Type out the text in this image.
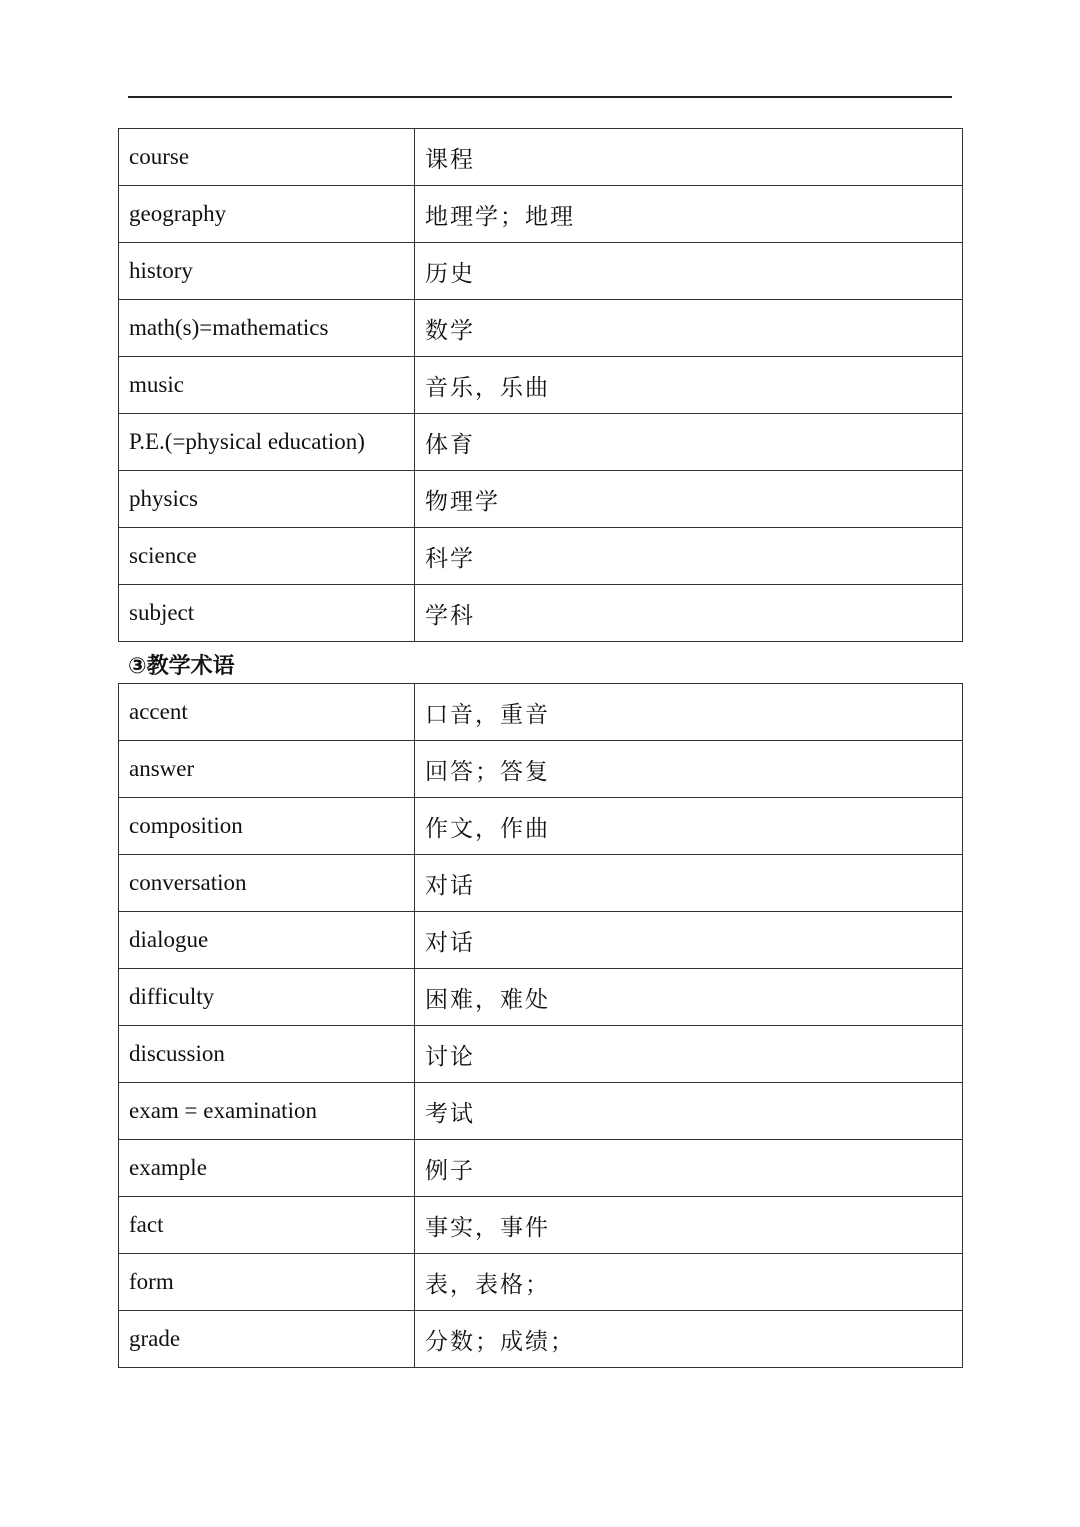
course	课程
geography	地理学；地理
history	历史
math(s)=mathematics	数学
music	音乐，乐曲
P.E.(=physical education)	体育
physics	物理学
science	科学
subject	学科
③教学术语
accent	口音，重音
answer	回答；答复
composition	作文，作曲
conversation	对话
dialogue	对话
difficulty	困难，难处
discussion	讨论
exam = examination	考试
example	例子
fact	事实，事件
form	表，表格；
grade	分数；成绩；
